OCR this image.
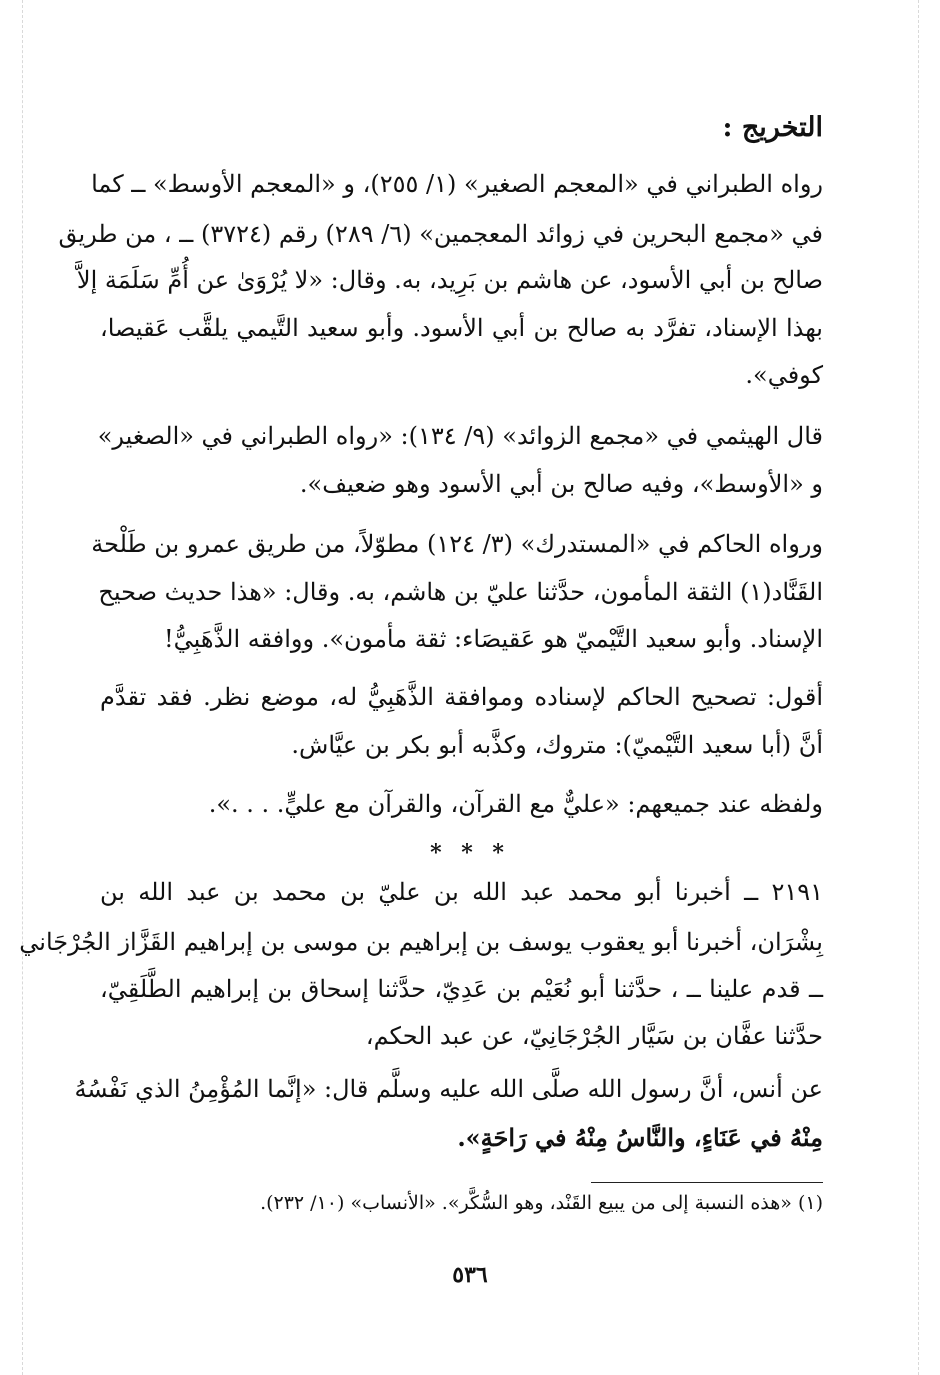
التخريج :
رواه الطبراني في «المعجم الصغير» (١/ ٢٥٥)، و «المعجم الأوسط» ــ كما
في «مجمع البحرين في زوائد المعجمين» (٦/ ٢٨٩) رقم (٣٧٢٤) ــ ، من طريق
صالح بن أبي الأسود، عن هاشم بن بَرِيد، به. وقال: «لا يُرْوَىٰ عن أُمِّ سَلَمَة إلاَّ
بهذا الإسناد، تفرَّد به صالح بن أبي الأسود. وأبو سعيد التَّيمي يلقَّب عَقيصا،
كوفي».
قال الهيثمي في «مجمع الزوائد» (٩/ ١٣٤): «رواه الطبراني في «الصغير»
و «الأوسط»، وفيه صالح بن أبي الأسود وهو ضعيف».
ورواه الحاكم في «المستدرك» (٣/ ١٢٤) مطوّلاً، من طريق عمرو بن طَلْحة
القَنَّاد(١) الثقة المأمون، حدَّثنا عليّ بن هاشم، به. وقال: «هذا حديث صحيح
الإسناد. وأبو سعيد التَّيْميّ هو عَقيصَاء: ثقة مأمون». ووافقه الذَّهَبِيُّ!
أقول: تصحيح الحاكم لإسناده وموافقة الذَّهَبِيُّ له، موضع نظر. فقد تقدَّم
أنَّ (أبا سعيد التَّيْميّ): متروك، وكذَّبه أبو بكر بن عيَّاش.
ولفظه عند جميعهم: «عليٌّ مع القرآن، والقرآن مع عليٍّ. . . .».
* * *
٢١٩١ ــ أخبرنا أبو محمد عبد الله بن عليّ بن محمد بن عبد الله بن
بِشْرَان، أخبرنا أبو يعقوب يوسف بن إبراهيم بن موسى بن إبراهيم القَزَّاز الجُرْجَاني
ــ قدم علينا ــ ، حدَّثنا أبو نُعَيْم بن عَدِيّ، حدَّثنا إسحاق بن إبراهيم الطَّلَقِيّ،
حدَّثنا عفَّان بن سَيَّار الجُرْجَانِيّ، عن عبد الحكم،
عن أنس، أنَّ رسول الله صلَّى الله عليه وسلَّم قال: «إنَّما المُؤْمِنُ الذي نَفْسُهُ
مِنْهُ في عَنَاءٍ، والنَّاسُ مِنْهُ في رَاحَةٍ».
(١) «هذه النسبة إلى من يبيع القَنْد، وهو السُّكَّر». «الأنساب» (١٠/ ٢٣٢).
٥٣٦
